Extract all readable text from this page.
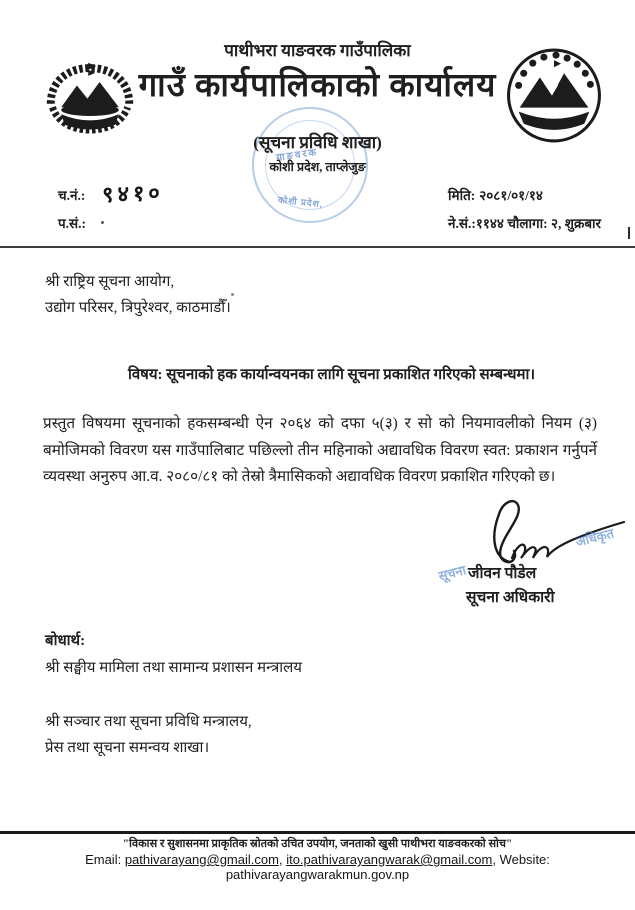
पाथीभरा याङवरक गाउँपालिका
गाउँ कार्यपालिकाको कार्यालय
याङवरक
कोशी प्रदेश,
(सूचना प्रविधि शाखा)
कोशी प्रदेश, ताप्लेजुङ
च.नं.: ९४१०
प.सं.:
मिति: २०८१/०१/१४
ने.सं.:११४४ चौलागा: २, शुक्रबार
श्री राष्ट्रिय सूचना आयोग,
उद्योग परिसर, त्रिपुरेश्वर, काठमाडौँ।
विषय: सूचनाको हक कार्यान्वयनका लागि सूचना प्रकाशित गरिएको सम्बन्धमा।
प्रस्तुत विषयमा सूचनाको हकसम्बन्धी ऐन २०६४ को दफा ५(३) र सो को नियमावलीको नियम (३) बमोजिमको विवरण यस गाउँपालिबाट पछिल्लो तीन महिनाको अद्यावधिक विवरण स्वत: प्रकाशन गर्नुपर्ने व्यवस्था अनुरुप आ.व. २०८०/८१ को तेस्रो त्रैमासिकको अद्यावधिक विवरण प्रकाशित गरिएको छ।
सूचना
अधिकृत
जीवन पौडेल
सूचना अधिकारी
बोधार्थ:
श्री सङ्घीय मामिला तथा सामान्य प्रशासन मन्त्रालय
श्री सञ्चार तथा सूचना प्रविधि मन्त्रालय,
प्रेस तथा सूचना समन्वय शाखा।
"विकास र सुशासनमा प्राकृतिक स्रोतको उचित उपयोग, जनताको खुसी पाथीभरा याङवकरको सोच"
Email: pathivarayang@gmail.com, ito.pathivarayangwarak@gmail.com, Website: pathivarayangwarakmun.gov.np
